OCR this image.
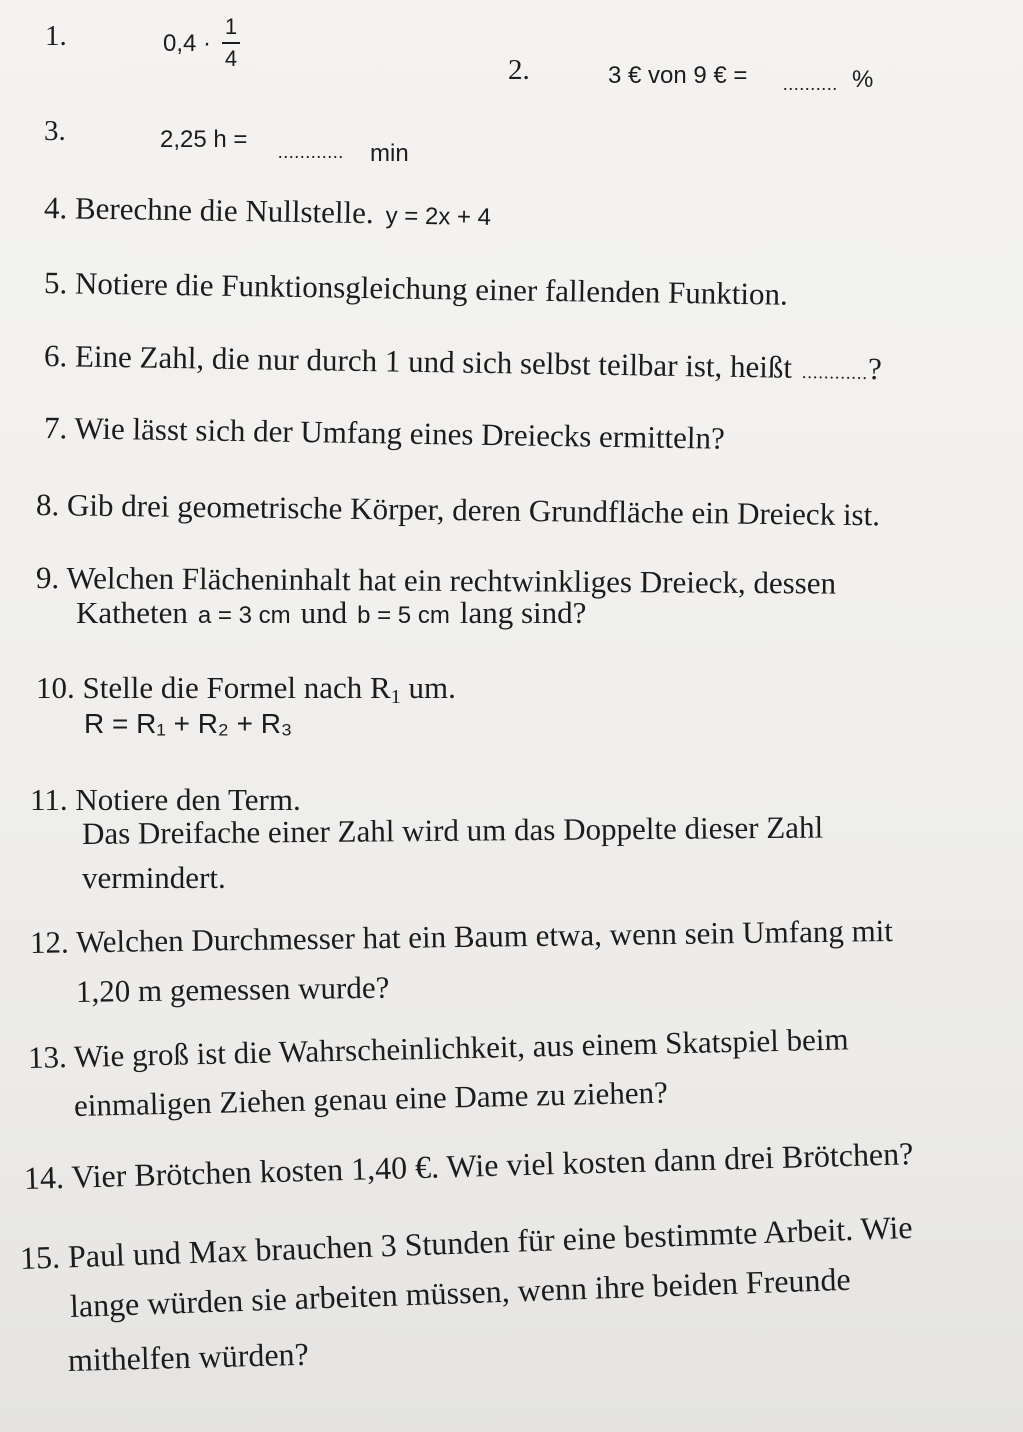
1.	0,4 ·
1
4	2.	3 € von 9 € = .......... %
3.	2,25 h = ............ min
4. Berechne die Nullstelle. y = 2x + 4
5. Notiere die Funktionsgleichung einer fallenden Funktion.
6. Eine Zahl, die nur durch 1 und sich selbst teilbar ist, heißt ............?
7. Wie lässt sich der Umfang eines Dreiecks ermitteln?
8. Gib drei geometrische Körper, deren Grundfläche ein Dreieck ist.
9. Welchen Flächeninhalt hat ein rechtwinkliges Dreieck, dessen
Katheten a = 3 cm und b = 5 cm lang sind?
10. Stelle die Formel nach $R_1$ um.
R = R₁ + R₂ + R₃
11. Notiere den Term.
Das Dreifache einer Zahl wird um das Doppelte dieser Zahl
vermindert.
12. Welchen Durchmesser hat ein Baum etwa, wenn sein Umfang mit
1,20 m gemessen wurde?
13. Wie groß ist die Wahrscheinlichkeit, aus einem Skatspiel beim
einmaligen Ziehen genau eine Dame zu ziehen?
14. Vier Brötchen kosten 1,40 €. Wie viel kosten dann drei Brötchen?
15. Paul und Max brauchen 3 Stunden für eine bestimmte Arbeit. Wie
lange würden sie arbeiten müssen, wenn ihre beiden Freunde
mithelfen würden?
